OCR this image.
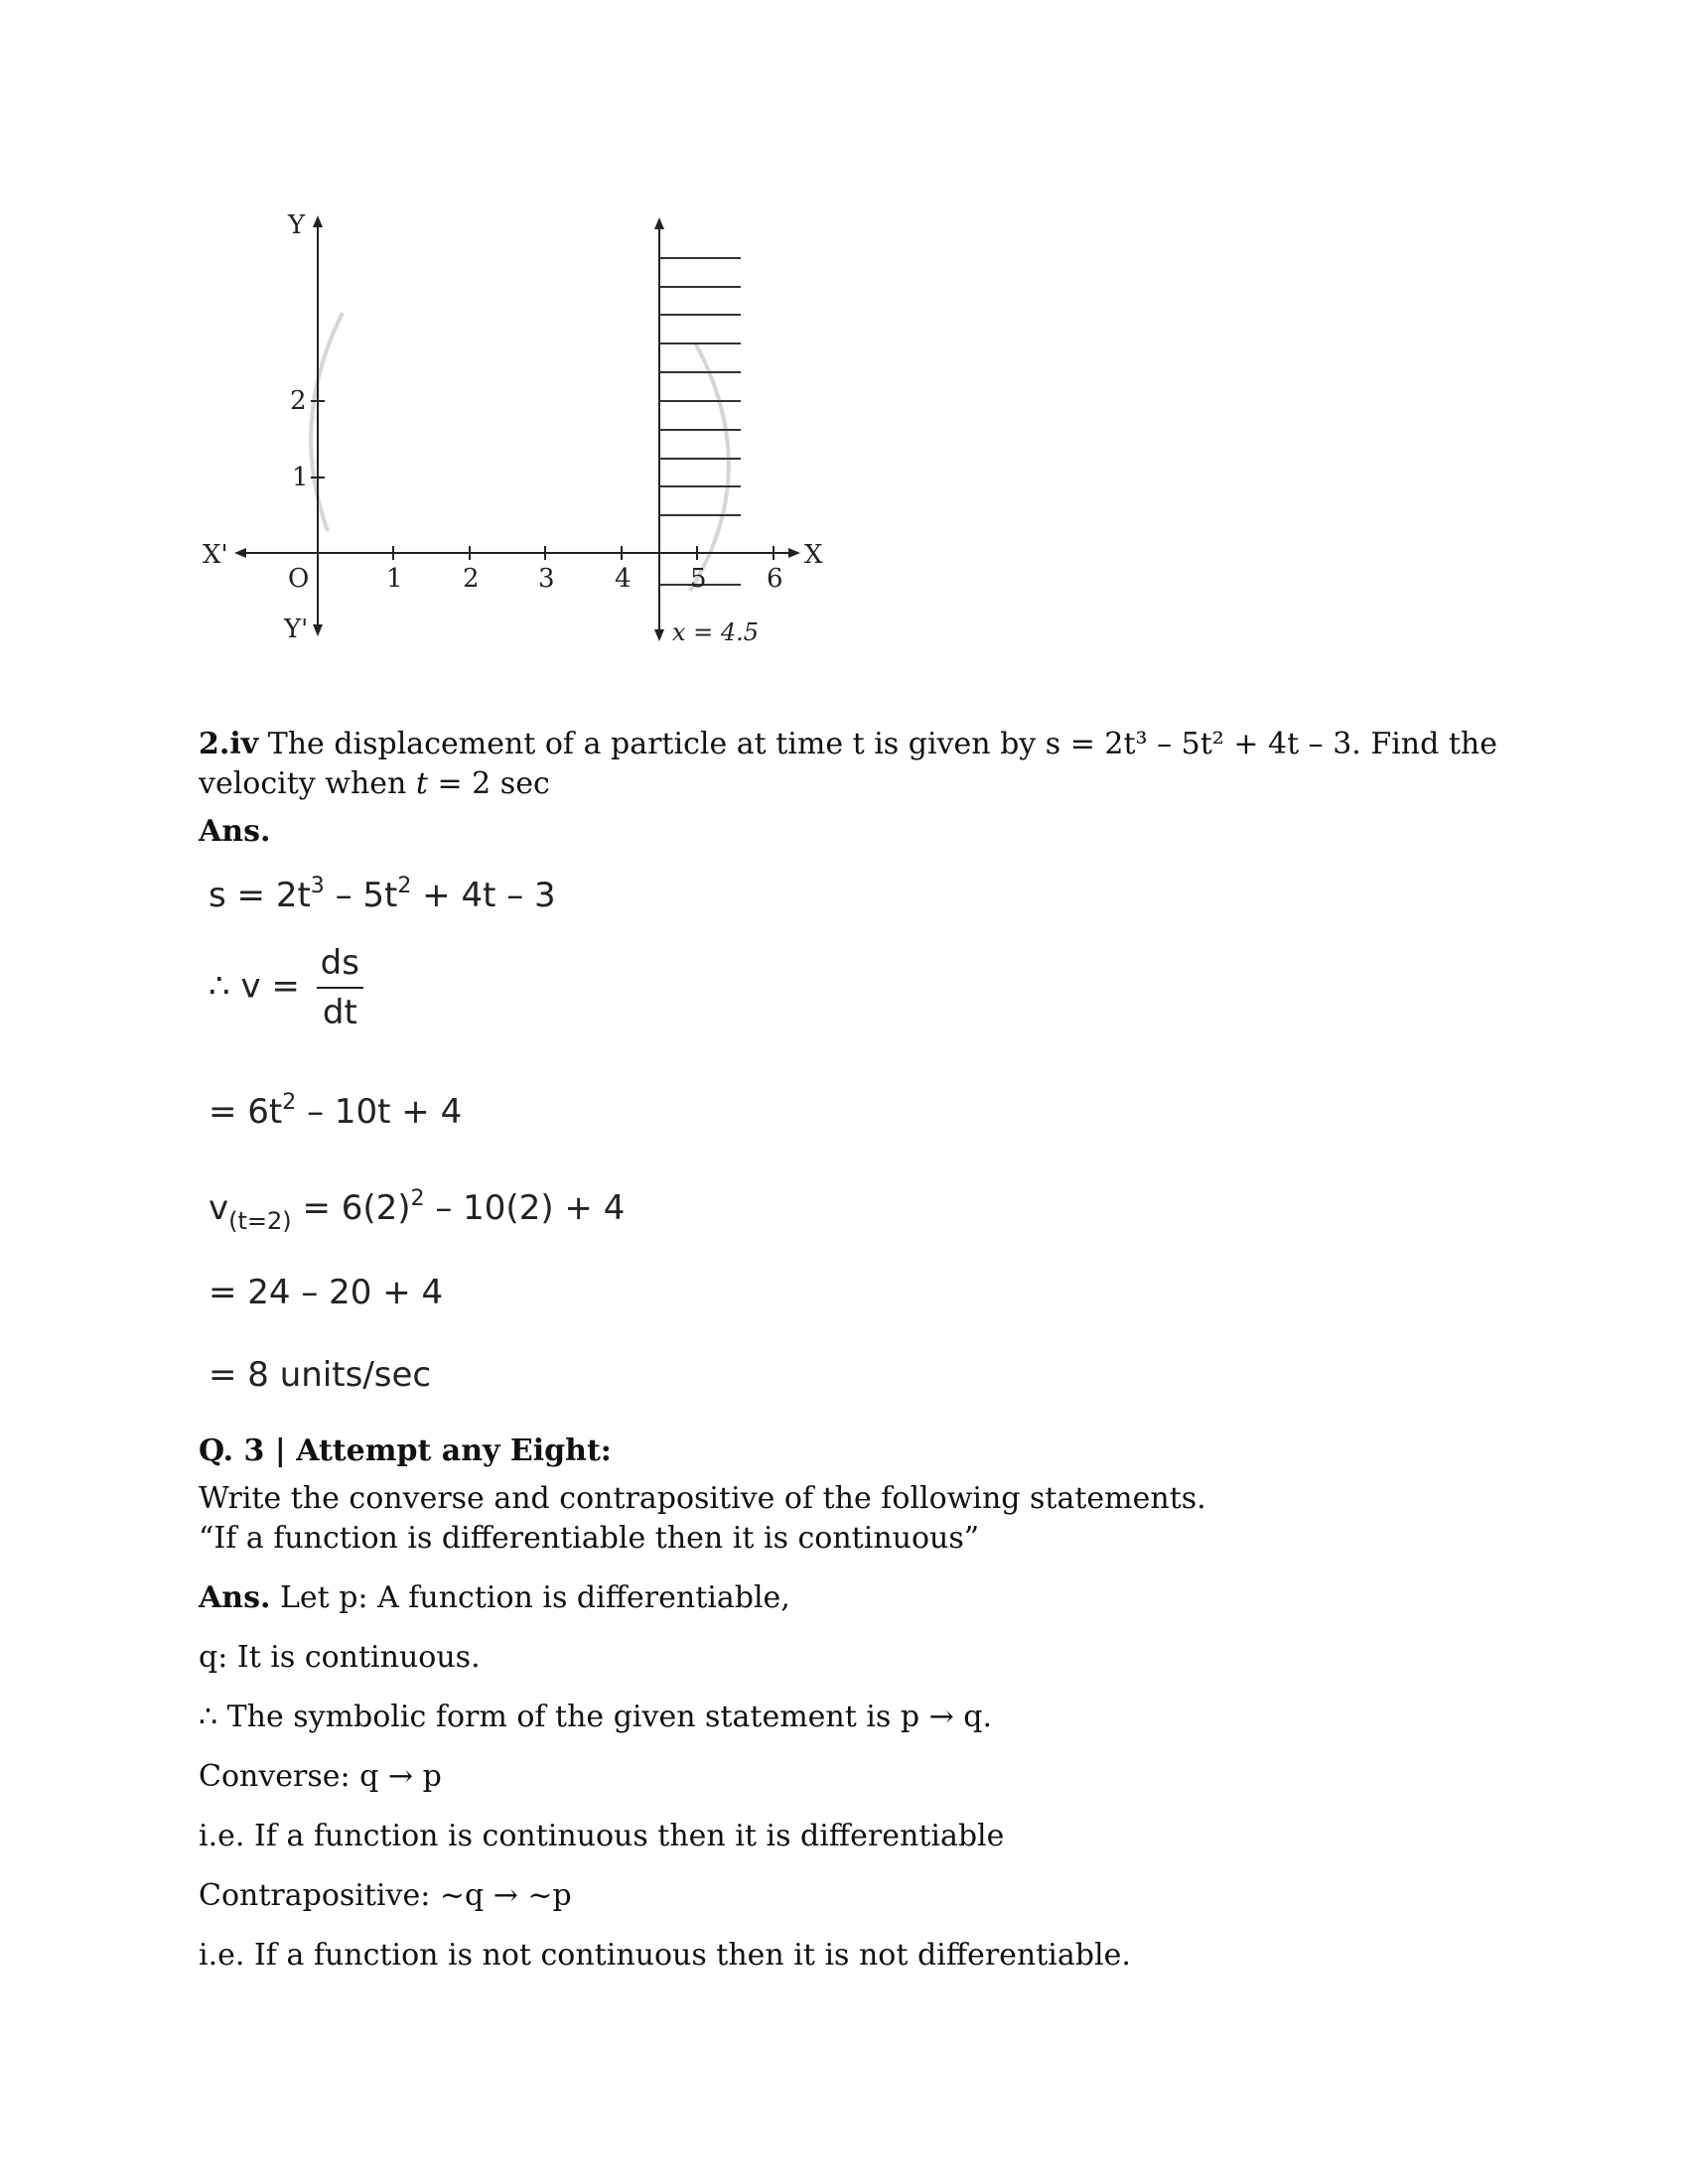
Y
Y'
X
X'
O
2
1
1 2 3 4 5 6
x = 4.5

2.iv The displacement of a particle at time t is given by s = 2t³ – 5t² + 4t – 3. Find the

velocity when t = 2 sec

Ans.

$s = 2t^3 - 5t^2 + 4t - 3$
∴ $v = \frac{ds}{dt}$
= $6t^2 - 10t + 4$
$v_{(t=2)} = 6(2)^2 - 10(2) + 4$
= 24 – 20 + 4
= 8 units/sec

Q. 3 | Attempt any Eight:

Write the converse and contrapositive of the following statements.

“If a function is differentiable then it is continuous”

Ans. Let p: A function is differentiable,

q: It is continuous.

∴ The symbolic form of the given statement is p → q.

Converse: q → p

i.e. If a function is continuous then it is differentiable

Contrapositive: ~q → ~p

i.e. If a function is not continuous then it is not differentiable.
